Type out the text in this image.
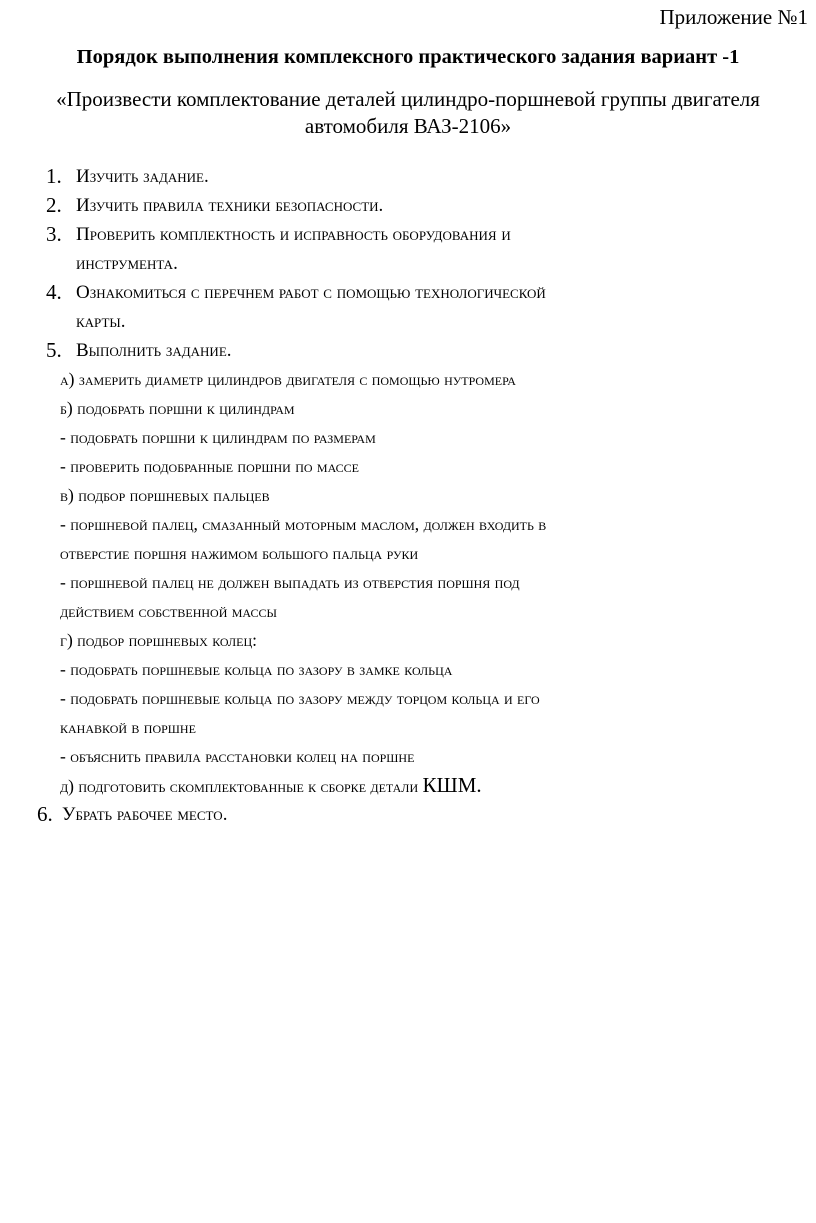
Приложение №1
Порядок выполнения комплексного практического задания вариант -1
«Произвести комплектование деталей цилиндро-поршневой группы двигателя
автомобиля ВАЗ-2106»
1. Изучить задание.
2. Изучить правила техники безопасности.
3. Проверить комплектность и исправность оборудования и
инструмента.
4. Ознакомиться с перечнем работ с помощью технологической
карты.
5. Выполнить задание.
а) замерить диаметр цилиндров двигателя с помощью нутромера
б) подобрать поршни к цилиндрам
- подобрать поршни к цилиндрам по размерам
- проверить подобранные поршни по массе
в) подбор поршневых пальцев
- поршневой палец, смазанный моторным маслом, должен входить в
отверстие поршня нажимом большого пальца руки
- поршневой палец не должен выпадать из отверстия поршня под
действием собственной массы
г) подбор поршневых колец:
- подобрать поршневые кольца по зазору в замке кольца
- подобрать поршневые кольца по зазору между торцом кольца и его
канавкой в поршне
- объяснить правила расстановки колец на поршне
д) подготовить скомплектованные к сборке детали КШМ.
6. Убрать рабочее место.
